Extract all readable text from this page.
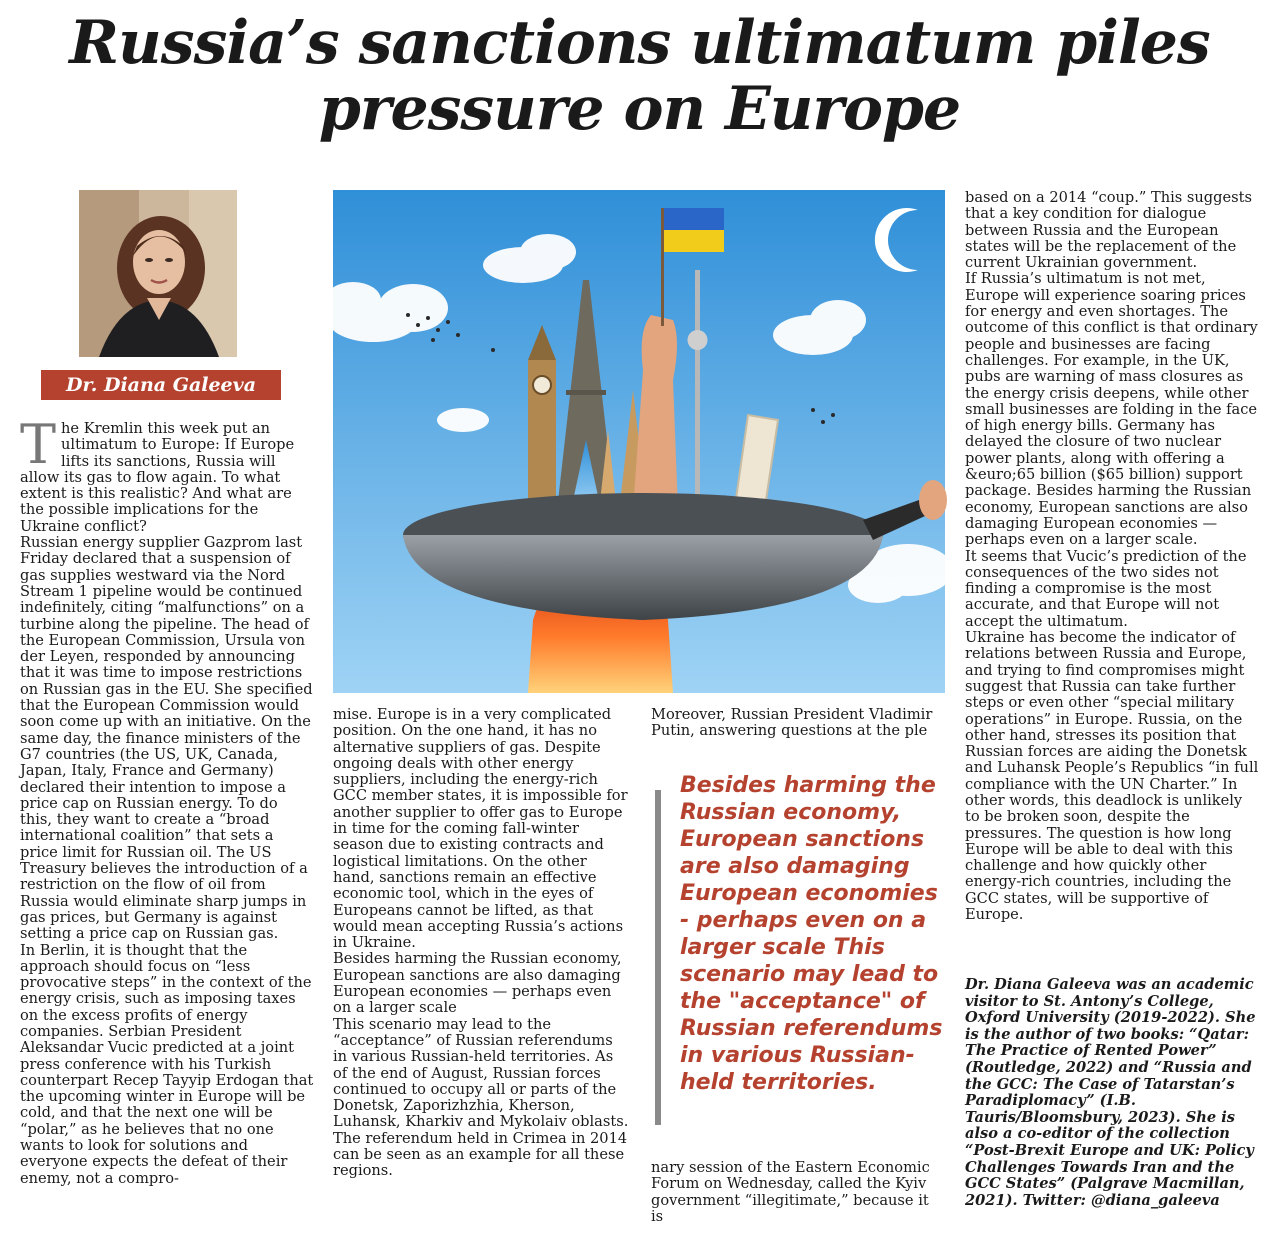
Russia’s sanctions ultimatum piles pressure on Europe
Dr. Diana Galeeva
T he Kremlin this week put an ultimatum to Europe: If Europe lifts its sanctions, Russia will allow its gas to flow again. To what extent is this realistic? And what are the possible implications for the Ukraine conflict?

Russian energy supplier Gazprom last Friday declared that a suspension of gas supplies westward via the Nord Stream 1 pipeline would be continued indefinitely, citing “malfunctions” on a turbine along the pipeline. The head of the European Commission, Ursula von der Leyen, responded by announcing that it was time to impose restrictions on Russian gas in the EU. She specified that the European Commission would soon come up with an initiative. On the same day, the finance ministers of the G7 countries (the US, UK, Canada, Japan, Italy, France and Germany) declared their intention to impose a price cap on Russian energy. To do this, they want to create a “broad international coalition” that sets a price limit for Russian oil. The US Treasury believes the introduction of a restriction on the flow of oil from Russia would eliminate sharp jumps in gas prices, but Germany is against setting a price cap on Russian gas.

In Berlin, it is thought that the approach should focus on “less provocative steps” in the context of the energy crisis, such as imposing taxes on the excess profits of energy companies. Serbian President Aleksandar Vucic predicted at a joint press conference with his Turkish counterpart Recep Tayyip Erdogan that the upcoming winter in Europe will be cold, and that the next one will be “polar,” as he believes that no one wants to look for solutions and everyone expects the defeat of their enemy, not a compro-

mise. Europe is in a very complicated position. On the one hand, it has no alternative suppliers of gas. Despite ongoing deals with other energy suppliers, including the energy-rich GCC member states, it is impossible for another supplier to offer gas to Europe in time for the coming fall-winter season due to existing contracts and logistical limitations. On the other hand, sanctions remain an effective economic tool, which in the eyes of Europeans cannot be lifted, as that would mean accepting Russia’s actions in Ukraine.

Besides harming the Russian economy, European sanctions are also damaging European economies — perhaps even on a larger scale

This scenario may lead to the “acceptance” of Russian referendums in various Russian-held territories. As of the end of August, Russian forces continued to occupy all or parts of the Donetsk, Zaporizhzhia, Kherson, Luhansk, Kharkiv and Mykolaiv oblasts. The referendum held in Crimea in 2014 can be seen as an example for all these regions.

Moreover, Russian President Vladimir Putin, answering questions at the ple

Besides harming the Russian economy, European sanctions are also damaging European economies - perhaps even on a larger scale This scenario may lead to the "acceptance" of Russian referendums in various Russian-held territories.

nary session of the Eastern Economic Forum on Wednesday, called the Kyiv government “illegitimate,” because it is

based on a 2014 “coup.” This suggests that a key condition for dialogue between Russia and the European states will be the replacement of the current Ukrainian government.

If Russia’s ultimatum is not met, Europe will experience soaring prices for energy and even shortages. The outcome of this conflict is that ordinary people and businesses are facing challenges. For example, in the UK, pubs are warning of mass closures as the energy crisis deepens, while other small businesses are folding in the face of high energy bills. Germany has delayed the closure of two nuclear power plants, along with offering a &euro;65 billion ($65 billion) support package. Besides harming the Russian economy, European sanctions are also damaging European economies — perhaps even on a larger scale.

It seems that Vucic’s prediction of the consequences of the two sides not finding a compromise is the most accurate, and that Europe will not accept the ultimatum.

Ukraine has become the indicator of relations between Russia and Europe, and trying to find compromises might suggest that Russia can take further steps or even other “special military operations” in Europe. Russia, on the other hand, stresses its position that Russian forces are aiding the Donetsk and Luhansk People’s Republics “in full compliance with the UN Charter.” In other words, this deadlock is unlikely to be broken soon, despite the pressures. The question is how long Europe will be able to deal with this challenge and how quickly other energy-rich countries, including the GCC states, will be supportive of Europe.

Dr. Diana Galeeva was an academic visitor to St. Antony’s College, Oxford University (2019-2022). She is the author of two books: “Qatar: The Practice of Rented Power” (Routledge, 2022) and “Russia and the GCC: The Case of Tatarstan’s Paradiplomacy” (I.B. Tauris/Bloomsbury, 2023). She is also a co-editor of the collection “Post-Brexit Europe and UK: Policy Challenges Towards Iran and the GCC States” (Palgrave Macmillan, 2021). Twitter: @diana_galeeva
